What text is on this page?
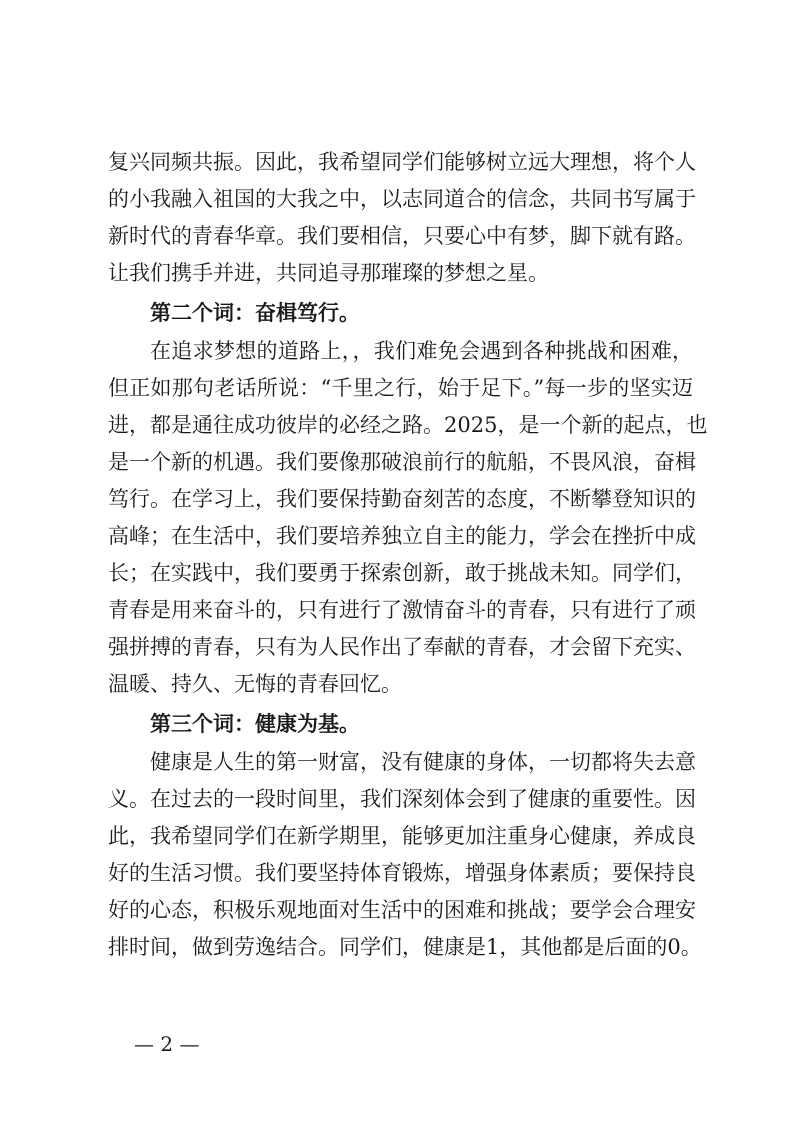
复兴同频共振。因此，我希望同学们能够树立远大理想，将个人
的小我融入祖国的大我之中，以志同道合的信念，共同书写属于
新时代的青春华章。我们要相信，只要心中有梦，脚下就有路。
让我们携手并进，共同追寻那璀璨的梦想之星。
第二个词：奋楫笃行。
在追求梦想的道路上，，我们难免会遇到各种挑战和困难，
但正如那句老话所说：“千里之行，始于足下。”每一步的坚实迈
进，都是通往成功彼岸的必经之路。2025，是一个新的起点，也
是一个新的机遇。我们要像那破浪前行的航船，不畏风浪，奋楫
笃行。在学习上，我们要保持勤奋刻苦的态度，不断攀登知识的
高峰；在生活中，我们要培养独立自主的能力，学会在挫折中成
长；在实践中，我们要勇于探索创新，敢于挑战未知。同学们，
青春是用来奋斗的，只有进行了激情奋斗的青春，只有进行了顽
强拼搏的青春，只有为人民作出了奉献的青春，才会留下充实、
温暖、持久、无悔的青春回忆。
第三个词：健康为基。
健康是人生的第一财富，没有健康的身体，一切都将失去意
义。在过去的一段时间里，我们深刻体会到了健康的重要性。因
此，我希望同学们在新学期里，能够更加注重身心健康，养成良
好的生活习惯。我们要坚持体育锻炼，增强身体素质；要保持良
好的心态，积极乐观地面对生活中的困难和挑战；要学会合理安
排时间，做到劳逸结合。同学们，健康是1，其他都是后面的0。
— 2 —
